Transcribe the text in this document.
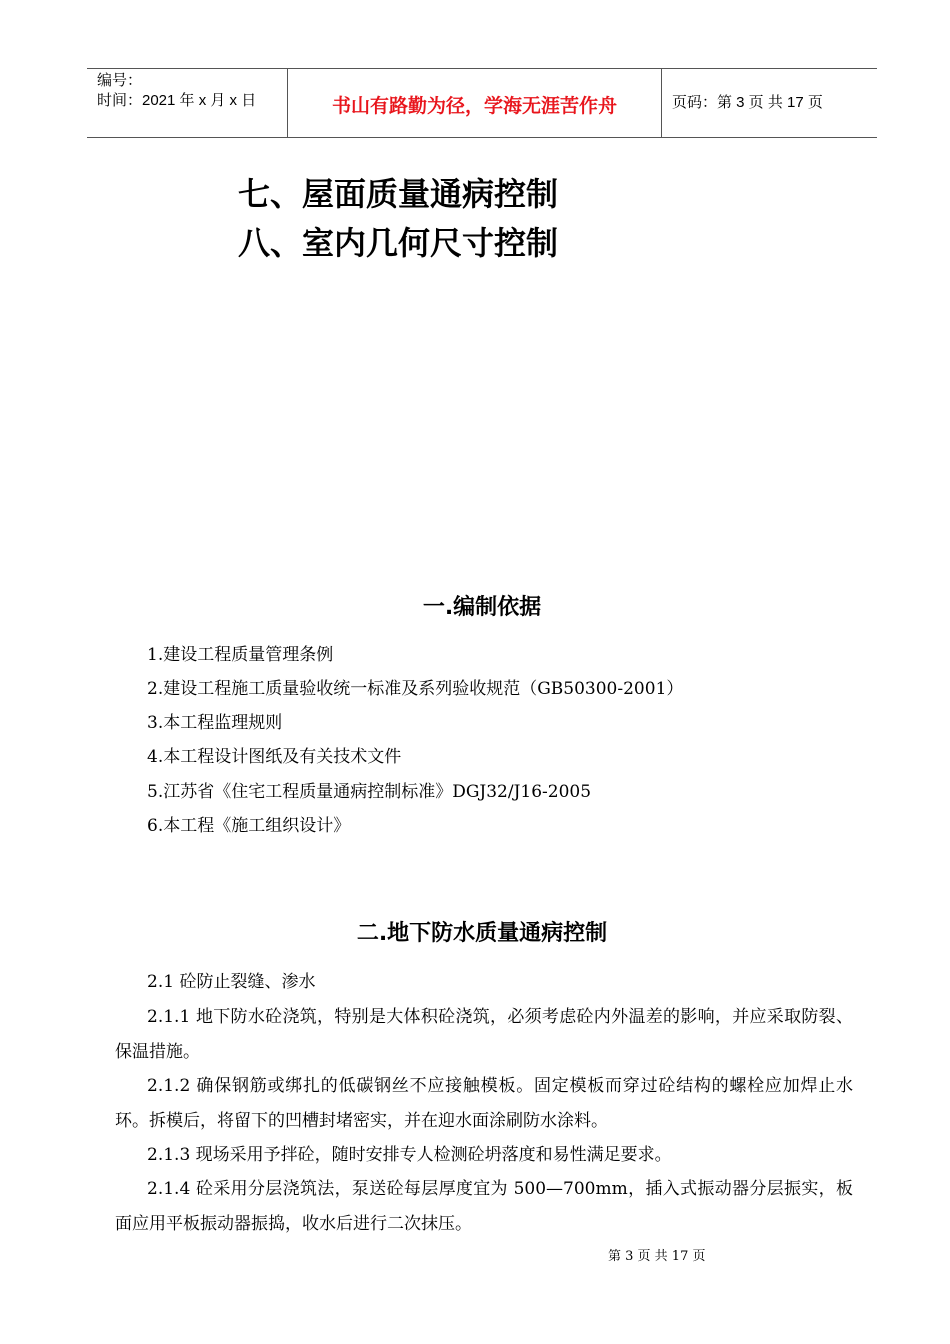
编号：
时间：2021 年 x 月 x 日	书山有路勤为径，学海无涯苦作舟	页码：第 3 页 共 17 页

七、屋面质量通病控制

八、室内几何尺寸控制

一.编制依据

1.建设工程质量管理条例

2.建设工程施工质量验收统一标准及系列验收规范（GB50300-2001）

3.本工程监理规则

4.本工程设计图纸及有关技术文件

5.江苏省《住宅工程质量通病控制标准》DGJ32/J16-2005

6.本工程《施工组织设计》

二.地下防水质量通病控制

2.1 砼防止裂缝、渗水

2.1.1 地下防水砼浇筑，特别是大体积砼浇筑，必须考虑砼内外温差的影响，并应采取防裂、保温措施。

2.1.2 确保钢筋或绑扎的低碳钢丝不应接触模板。固定模板而穿过砼结构的螺栓应加焊止水环。拆模后，将留下的凹槽封堵密实，并在迎水面涂刷防水涂料。

2.1.3 现场采用予拌砼，随时安排专人检测砼坍落度和易性满足要求。

2.1.4 砼采用分层浇筑法，泵送砼每层厚度宜为 500—700mm，插入式振动器分层振实，板面应用平板振动器振捣，收水后进行二次抹压。

第 3 页 共 17 页
